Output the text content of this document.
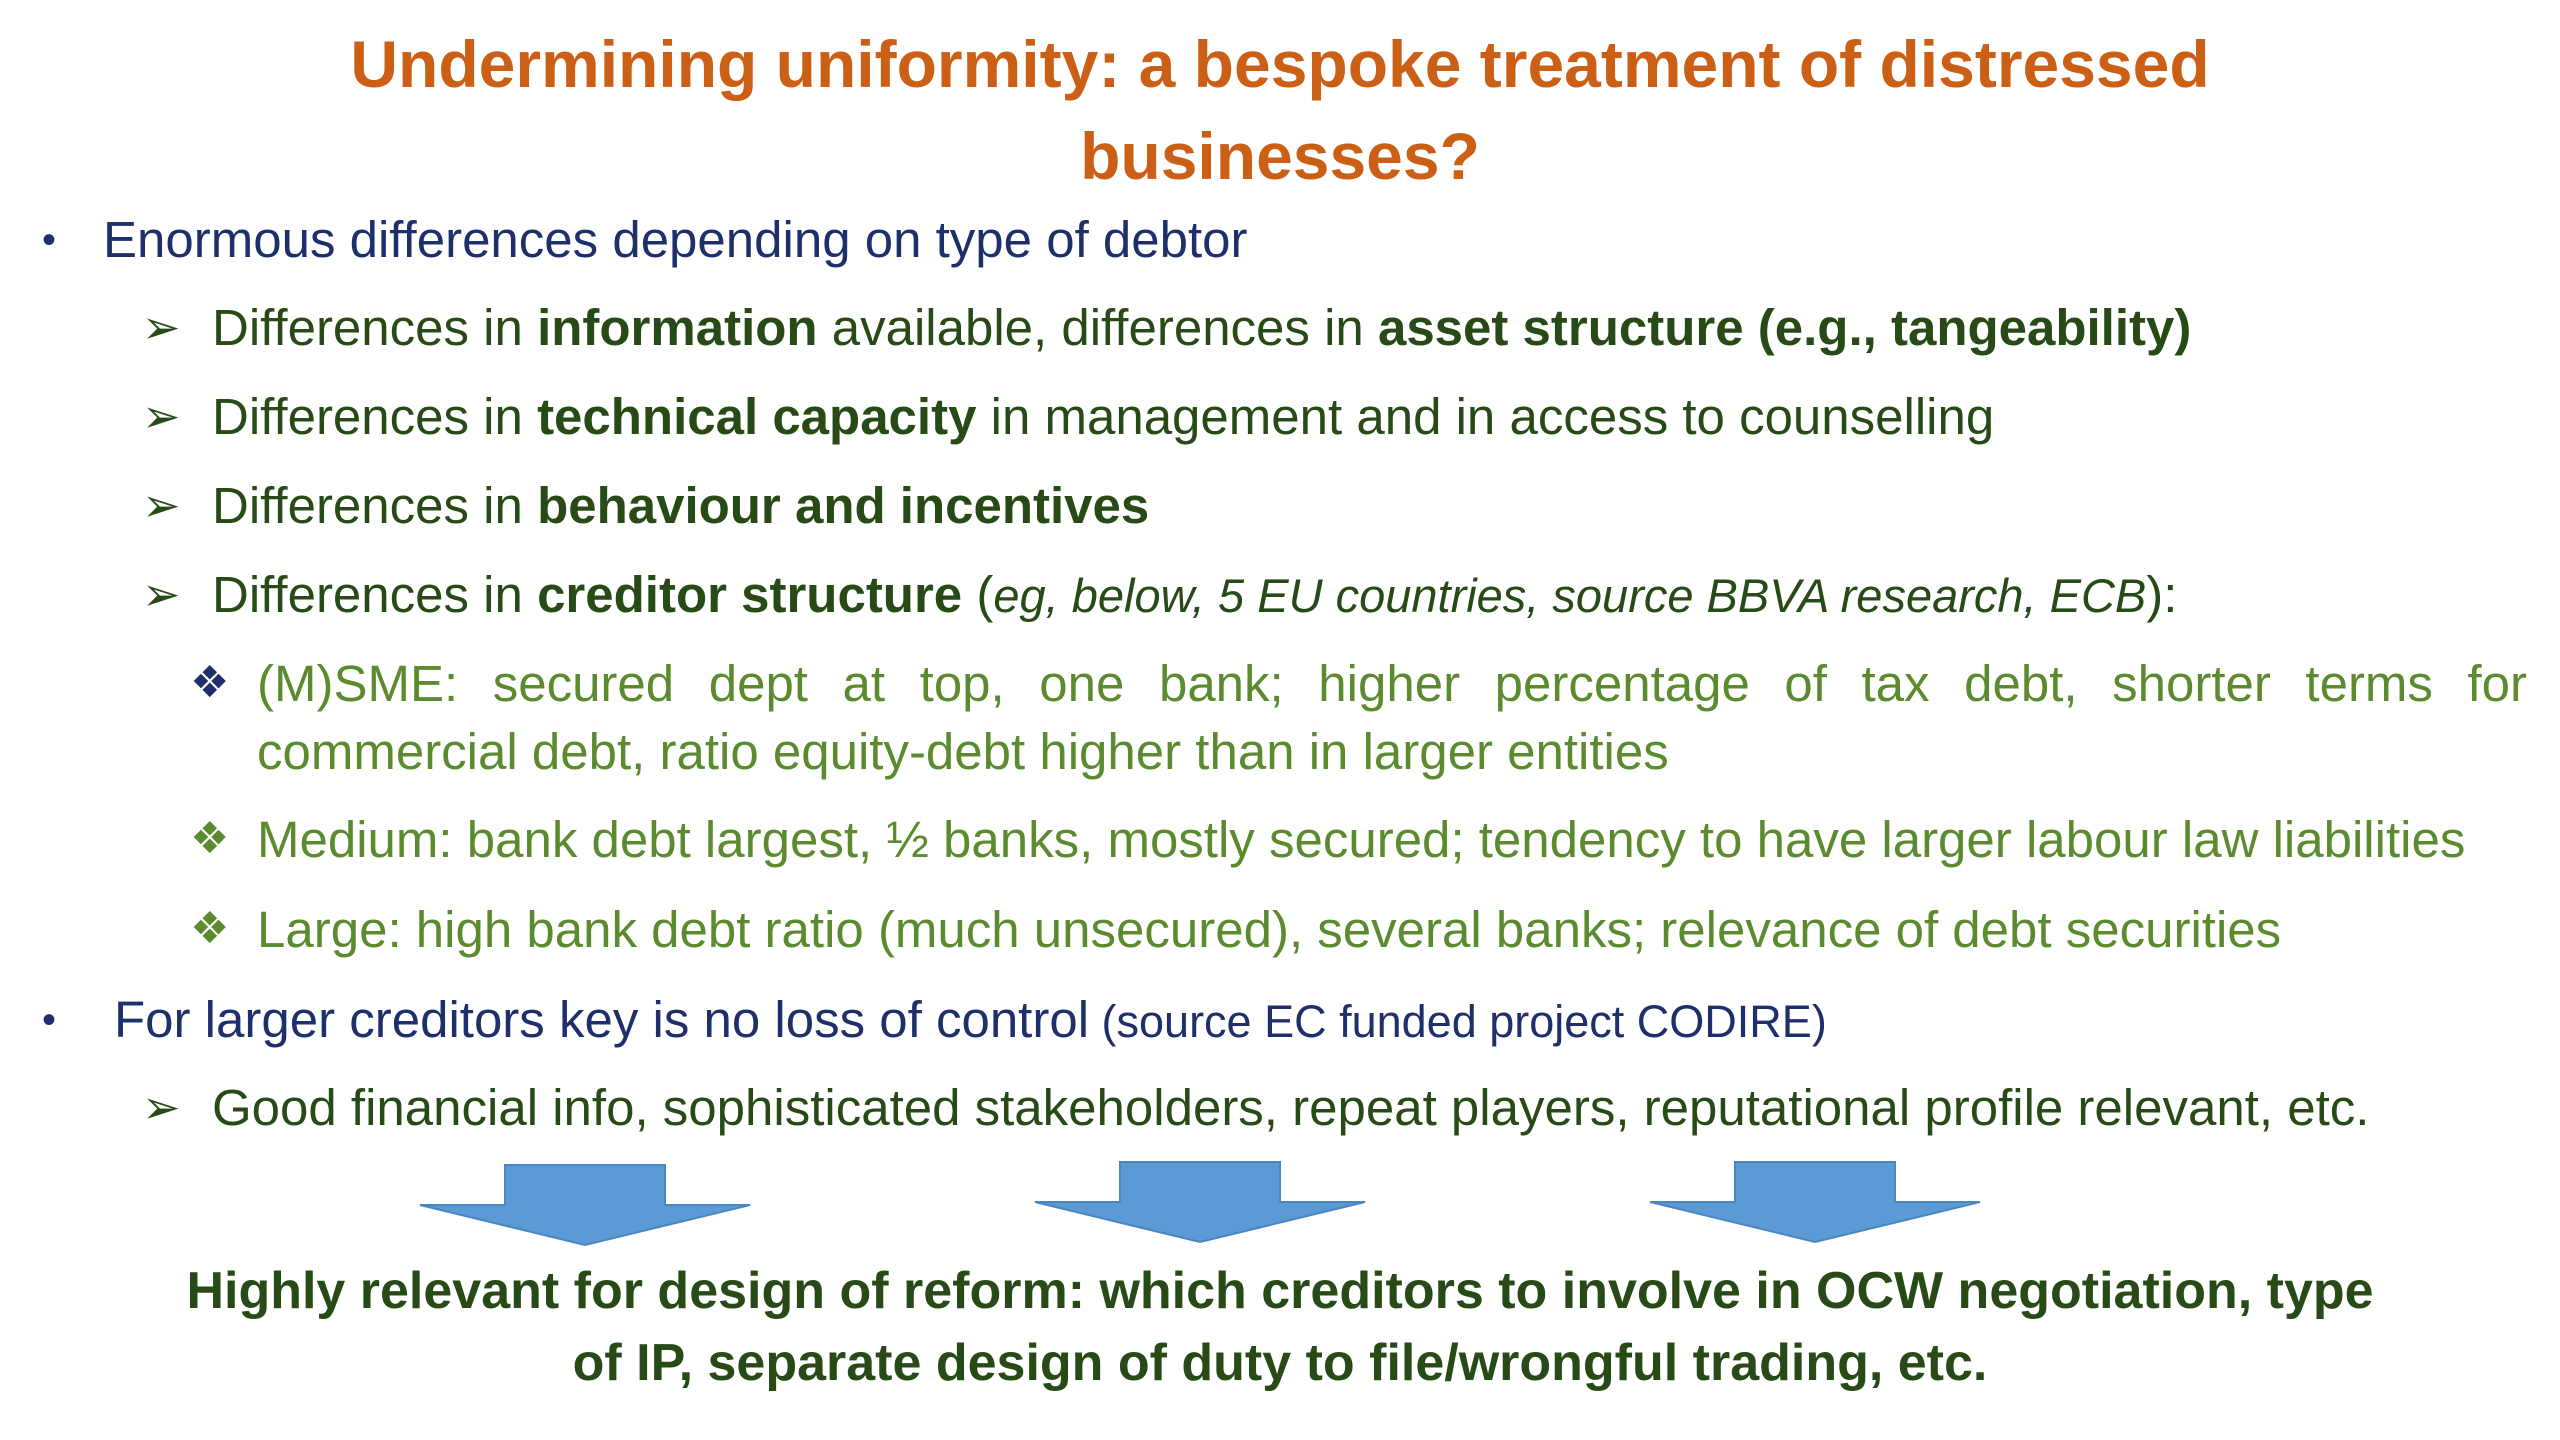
Undermining uniformity: a bespoke treatment of distressed
businesses?
• Enormous differences depending on type of debtor
➢ Differences in information available, differences in asset structure (e.g., tangeability)
➢ Differences in technical capacity in management and in access to counselling
➢ Differences in behaviour and incentives
➢ Differences in creditor structure (eg, below, 5 EU countries, source BBVA research, ECB):
❖ (M)SME: secured dept at top, one bank; higher percentage of tax debt, shorter terms for
commercial debt, ratio equity-debt higher than in larger entities
❖ Medium: bank debt largest, ½ banks, mostly secured; tendency to have larger labour law liabilities
❖ Large: high bank debt ratio (much unsecured), several banks; relevance of debt securities
• For larger creditors key is no loss of control (source EC funded project CODIRE)
➢ Good financial info, sophisticated stakeholders, repeat players, reputational profile relevant, etc.
Highly relevant for design of reform: which creditors to involve in OCW negotiation, type
of IP, separate design of duty to file/wrongful trading, etc.
